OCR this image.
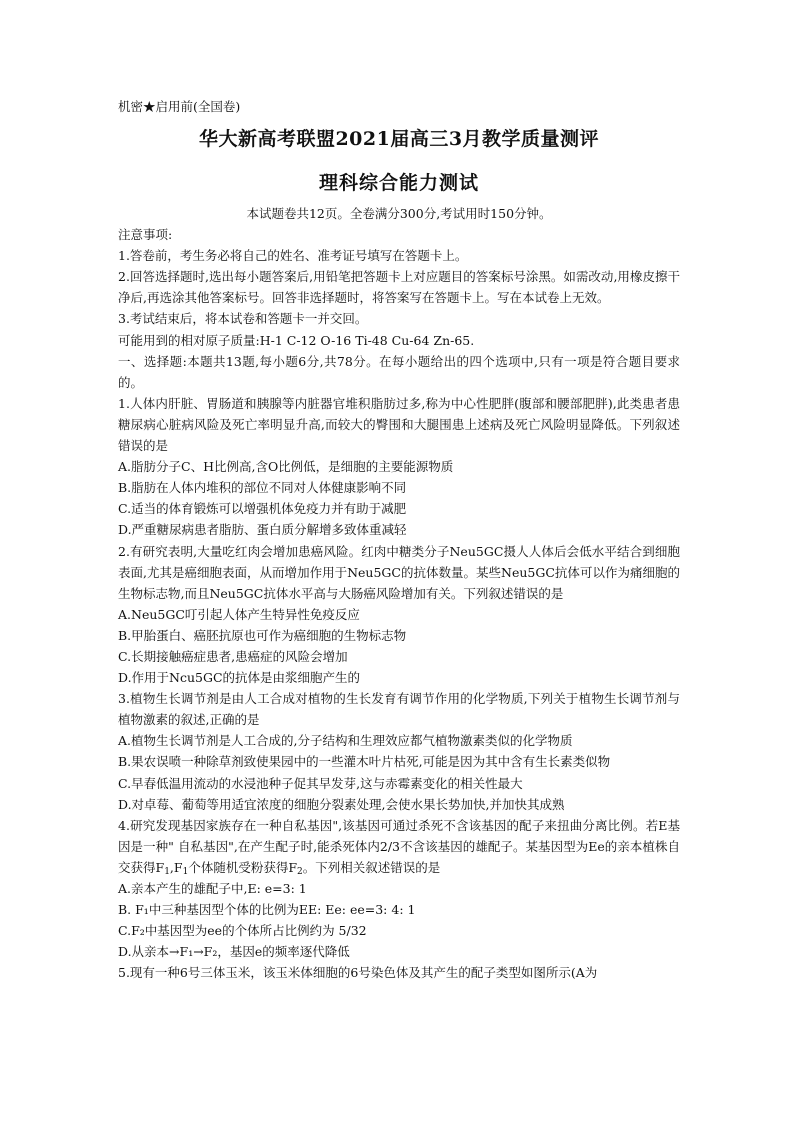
机密★启用前(全国卷)
华大新高考联盟2021届高三3月教学质量测评
理科综合能力测试
本试题卷共12页。全卷满分300分,考试用时150分钟。

注意事项:

1.答卷前，考生务必将自己的姓名、准考证号填写在答题卡上。

2.回答选择题时,选出每小题答案后,用铅笔把答题卡上对应题目的答案标号涂黑。如需改动,用橡皮擦干净后,再选涂其他答案标号。回答非选择题时，将答案写在答题卡上。写在本试卷上无效。

3.考试结束后，将本试卷和答题卡一并交回。

可能用到的相对原子质量:H-1 C-12 O-16 Ti-48 Cu-64 Zn-65.

一、选择题:本题共13题,每小题6分,共78分。在每小题给出的四个选项中,只有一项是符合题目要求的。

1.人体内肝脏、胃肠道和胰腺等内脏器官堆积脂肪过多,称为中心性肥胖(腹部和腰部肥胖),此类患者患糖尿病心脏病风险及死亡率明显升高,而较大的臀围和大腿围患上述病及死亡风险明显降低。下列叙述错误的是

A.脂肪分子C、H比例高,含O比例低，是细胞的主要能源物质

B.脂肪在人体内堆积的部位不同对人体健康影响不同

C.适当的体育锻炼可以增强机体免疫力并有助于减肥

D.严重糖尿病患者脂肪、蛋白质分解增多致体重减轻

2.有研究表明,大量吃红肉会增加患癌风险。红肉中糖类分子Neu5GC摄人人体后会低水平结合到细胞表面,尤其是癌细胞表面，从而增加作用于Neu5GC的抗体数量。某些Neu5GC抗体可以作为痛细胞的生物标志物,而且Neu5GC抗体水平高与大肠癌风险增加有关。下列叙述错误的是

A.Neu5GC叮引起人体产生特异性免疫反应

B.甲胎蛋白、癌胚抗原也可作为癌细胞的生物标志物

C.长期接触癌症患者,患癌症的风险会增加

D.作用于Ncu5GC的抗体是由浆细胞产生的

3.植物生长调节剂是由人工合成对植物的生长发育有调节作用的化学物质,下列关于植物生长调节剂与植物激素的叙述,正确的是

A.植物生长调节剂是人工合成的,分子结构和生理效应都气植物激素类似的化学物质

B.果农误喷一种除草剂致使果园中的一些灌木叶片枯死,可能是因为其中含有生长素类似物

C.早春低温用流动的水浸池种子促其早发芽,这与赤霉素变化的相关性最大

D.对卓莓、葡萄等用适宜浓度的细胞分裂素处理,会使水果长势加快,并加快其成熟

4.研究发现基因家族存在一种自私基因",该基因可通过杀死不含该基因的配子来扭曲分离比例。若E基因是一种" 自私基因",在产生配子时,能杀死体内2/3不含该基因的雄配子。某基因型为Ee的亲本植株自交获得$F_1,F_1$个体随机受粉获得$F_2$。下列相关叙述错误的是

A.亲本产生的雄配子中,E: e=3: 1

B. F₁中三种基因型个体的比例为EE: Ee: ee=3: 4: 1

C.F₂中基因型为ee的个体所占比例约为 5/32

D.从亲本→F₁→F₂，基因e的频率逐代降低

5.现有一种6号三体玉米，该玉米体细胞的6号染色体及其产生的配子类型如图所示(A为
